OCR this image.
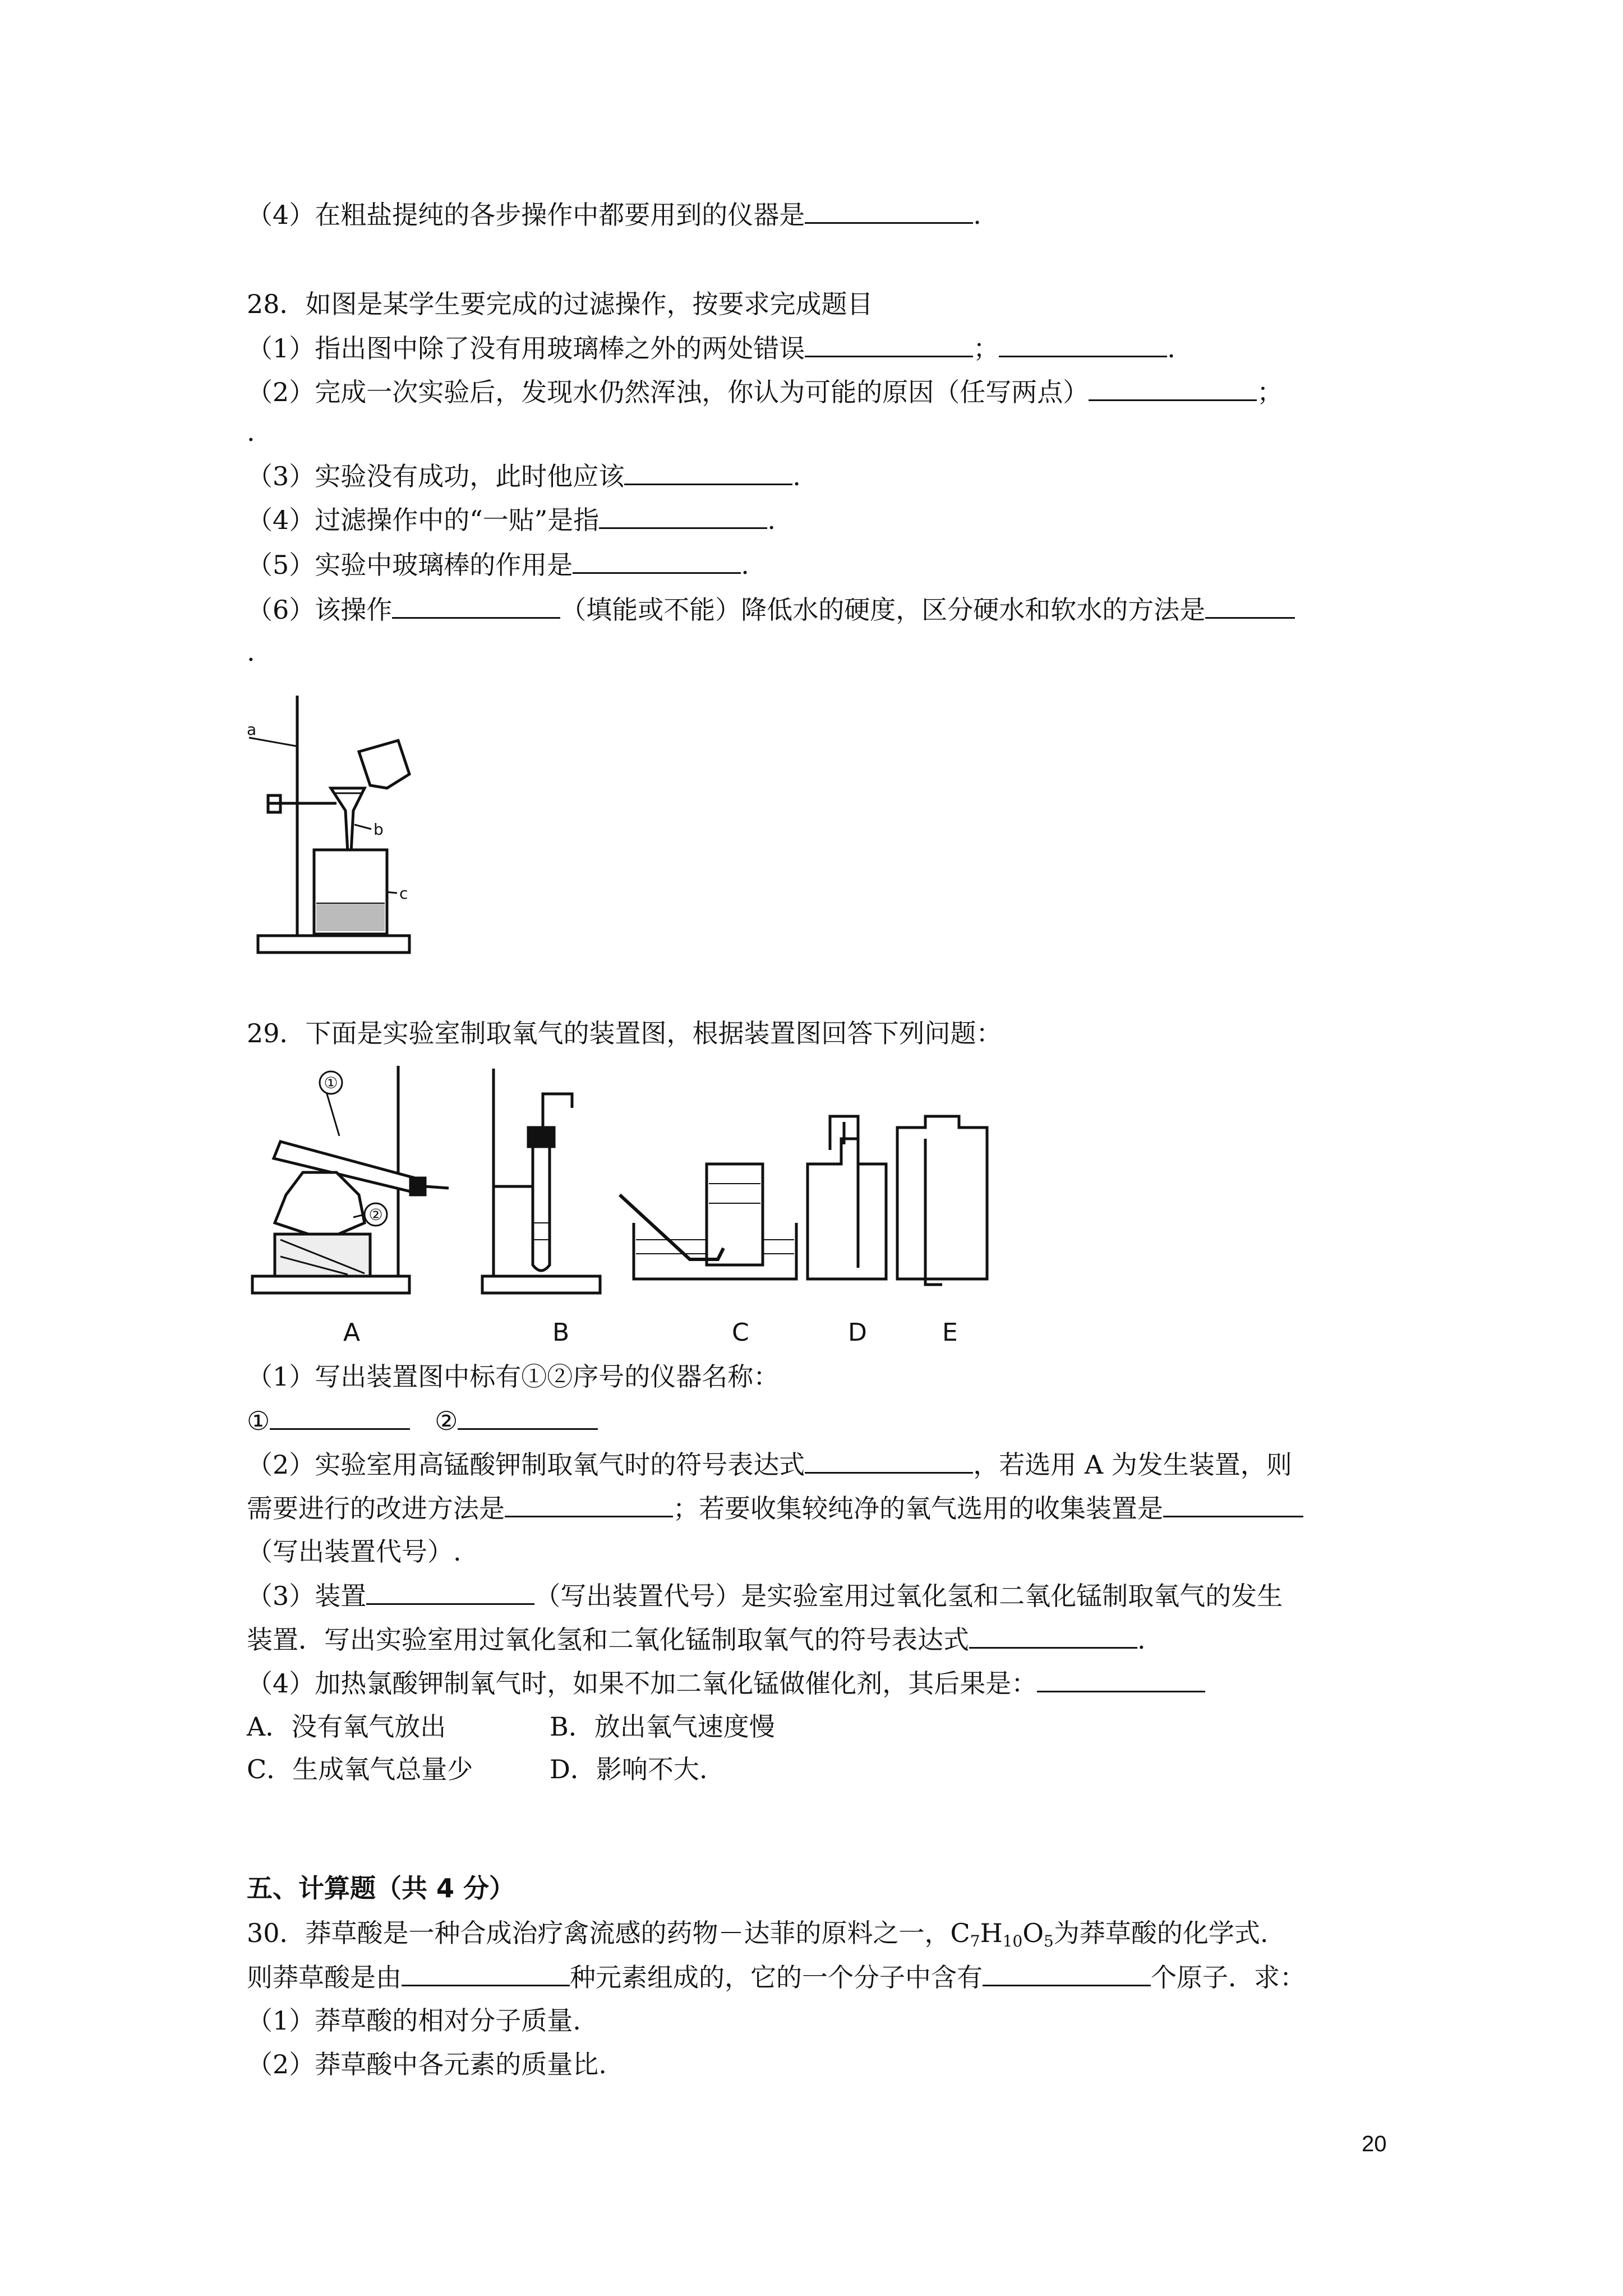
（4）在粗盐提纯的各步操作中都要用到的仪器是	.
28．如图是某学生要完成的过滤操作，按要求完成题目
（1）指出图中除了没有用玻璃棒之外的两处错误	；	.
（2）完成一次实验后，发现水仍然浑浊，你认为可能的原因（任写两点）	；
.
（3）实验没有成功，此时他应该	.
（4）过滤操作中的“一贴”是指	.
（5）实验中玻璃棒的作用是	.
（6）该操作	（填能或不能）降低水的硬度，区分硬水和软水的方法是
.
a
b
c
29．下面是实验室制取氧气的装置图，根据装置图回答下列问题：
①
②
A	B	C	D	E
（1）写出装置图中标有①②序号的仪器名称：
①	②
（2）实验室用高锰酸钾制取氧气时的符号表达式	，若选用 A 为发生装置，则
需要进行的改进方法是	；若要收集较纯净的氧气选用的收集装置是
（写出装置代号）.
（3）装置	（写出装置代号）是实验室用过氧化氢和二氧化锰制取氧气的发生
装置．写出实验室用过氧化氢和二氧化锰制取氧气的符号表达式	.
（4）加热氯酸钾制氧气时，如果不加二氧化锰做催化剂，其后果是：
A．没有氧气放出	B．放出氧气速度慢
C．生成氧气总量少	D．影响不大.
五、计算题（共 4 分）
30．莽草酸是一种合成治疗禽流感的药物－达菲的原料之一，$C_7H_{10}O_5$为莽草酸的化学式.
则莽草酸是由	种元素组成的，它的一个分子中含有	个原子．求：
（1）莽草酸的相对分子质量.
（2）莽草酸中各元素的质量比.
20
